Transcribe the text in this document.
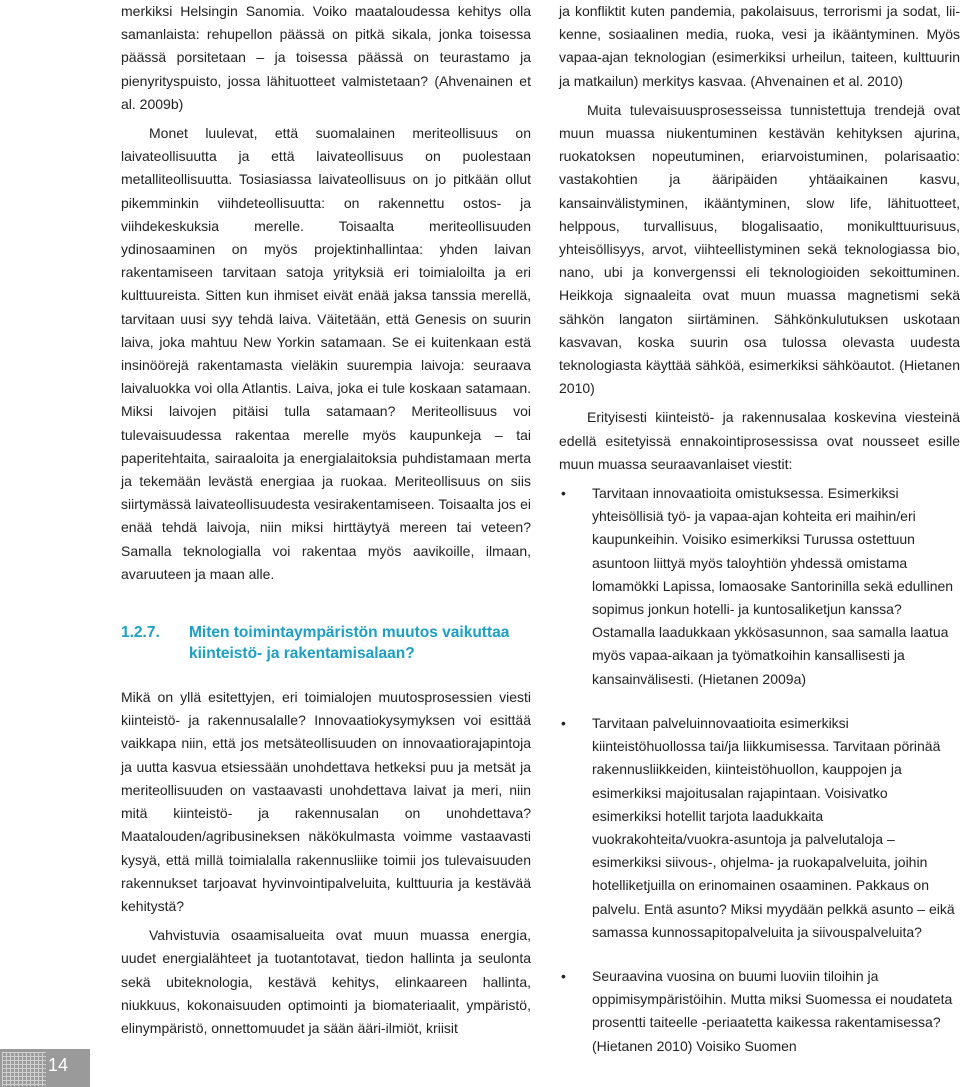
merkiksi Helsingin Sanomia. Voiko maataloudessa kehitys olla samanlaista: rehupellon päässä on pitkä sikala, jonka toisessa päässä porsitetaan – ja toisessa päässä on teurastamo ja pienyrityspuisto, jossa lähituotteet valmistetaan? (Ahvenainen et al. 2009b)

Monet luulevat, että suomalainen meriteollisuus on laivateollisuutta ja että laivateollisuus on puolestaan metalliteollisuutta. Tosiasiassa laivateollisuus on jo pitkään ollut pikemminkin viihdeteollisuutta: on rakennettu ostos- ja viihdekeskuksia merelle. Toisaalta meriteollisuuden ydinosaaminen on myös projektinhallintaa: yhden laivan rakentamiseen tarvitaan satoja yrityksiä eri toimialoilta ja eri kulttuureista. Sitten kun ihmiset eivät enää jaksa tanssia merellä, tarvitaan uusi syy tehdä laiva. Väitetään, että Genesis on suurin laiva, joka mahtuu New Yorkin satamaan. Se ei kuitenkaan estä insinöörejä rakentamasta vieläkin suurempia laivoja: seuraava laivaluokka voi olla Atlantis. Laiva, joka ei tule koskaan satamaan. Miksi laivojen pitäisi tulla satamaan? Meriteollisuus voi tulevaisuudessa rakentaa merelle myös kaupunkeja – tai paperitehtaita, sairaaloita ja energialaitoksia puhdistamaan merta ja tekemään levästä energiaa ja ruokaa. Meriteollisuus on siis siirtymässä laivateollisuudesta vesirakentamiseen. Toisaalta jos ei enää tehdä laivoja, niin miksi hirttäytyä mereen tai veteen? Samalla teknologialla voi rakentaa myös aavikoille, ilmaan, avaruuteen ja maan alle.

1.2.7.	Miten toimintaympäristön muutos vaikuttaa kiinteistö- ja rakentamisalaan?

Mikä on yllä esitettyjen, eri toimialojen muutosprosessien viesti kiinteistö- ja rakennusalalle? Innovaatiokysymyksen voi esittää vaikkapa niin, että jos metsäteollisuuden on innovaatiorajapintoja ja uutta kasvua etsiessään unohdettava hetkeksi puu ja metsät ja meriteollisuuden on vastaavasti unohdettava laivat ja meri, niin mitä kiinteistö- ja rakennusalan on unohdettava? Maatalouden/agribusineksen näkökulmasta voimme vastaavasti kysyä, että millä toimialalla rakennusliike toimii jos tulevaisuuden rakennukset tarjoavat hyvinvointipalveluita, kulttuuria ja kestävää kehitystä?

Vahvistuvia osaamisalueita ovat muun muassa energia, uudet energialähteet ja tuotantotavat, tiedon hallinta ja seulonta sekä ubiteknologia, kestävä kehitys, elinkaareen hallinta, niukkuus, kokonaisuuden optimointi ja biomateriaalit, ympäristö, elinympäristö, onnettomuudet ja sään ääri-ilmiöt, kriisit

ja konfliktit kuten pandemia, pakolaisuus, terrorismi ja sodat, lii-kenne, sosiaalinen media, ruoka, vesi ja ikääntyminen. Myös vapaa-ajan teknologian (esimerkiksi urheilun, taiteen, kulttuurin ja matkailun) merkitys kasvaa. (Ahvenainen et al. 2010)

Muita tulevaisuusprosesseissa tunnistettuja trendejä ovat muun muassa niukentuminen kestävän kehityksen ajurina, ruokatoksen nopeutuminen, eriarvoistuminen, polarisaatio: vastakohtien ja ääripäiden yhtäaikainen kasvu, kansainvälistyminen, ikääntyminen, slow life, lähituotteet, helppous, turvallisuus, blogalisaatio, monikulttuurisuus, yhteisöllisyys, arvot, viihteellistyminen sekä teknologiassa bio, nano, ubi ja konvergenssi eli teknologioiden sekoittuminen. Heikkoja signaaleita ovat muun muassa magnetismi sekä sähkön langaton siirtäminen. Sähkönkulutuksen uskotaan kasvavan, koska suurin osa tulossa olevasta uudesta teknologiasta käyttää sähköä, esimerkiksi sähköautot. (Hietanen 2010)

Erityisesti kiinteistö- ja rakennusalaa koskevina viesteinä edellä esitetyissä ennakointiprosessissa ovat nousseet esille muun muassa seuraavanlaiset viestit:

• Tarvitaan innovaatioita omistuksessa. Esimerkiksi yhteisöllisiä työ- ja vapaa-ajan kohteita eri maihin/eri kaupunkeihin. Voisiko esimerkiksi Turussa ostettuun asuntoon liittyä myös taloyhtiön yhdessä omistama lomamökki Lapissa, lomaosake Santorinilla sekä edullinen sopimus jonkun hotelli- ja kuntosaliketjun kanssa? Ostamalla laadukkaan ykkösasunnon, saa samalla laatua myös vapaa-aikaan ja työmatkoihin kansallisesti ja kansainvälisesti. (Hietanen 2009a)

• Tarvitaan palveluinnovaatioita esimerkiksi kiinteistöhuollossa tai/ja liikkumisessa. Tarvitaan pörinää rakennusliikkeiden, kiinteistöhuollon, kauppojen ja esimerkiksi majoitusalan rajapintaan. Voisivatko esimerkiksi hotellit tarjota laadukkaita vuokrakohteita/vuokra-asuntoja ja palvelutaloja – esimerkiksi siivous-, ohjelma- ja ruokapalveluita, joihin hotelliketjuilla on erinomainen osaaminen. Pakkaus on palvelu. Entä asunto? Miksi myydään pelkkä asunto – eikä samassa kunnossapitopalveluita ja siivouspalveluita?

• Seuraavina vuosina on buumi luoviin tiloihin ja oppimisympäristöihin. Mutta miksi Suomessa ei noudateta prosentti taiteelle -periaatetta kaikessa rakentamisessa? (Hietanen 2010) Voisiko Suomen

14
